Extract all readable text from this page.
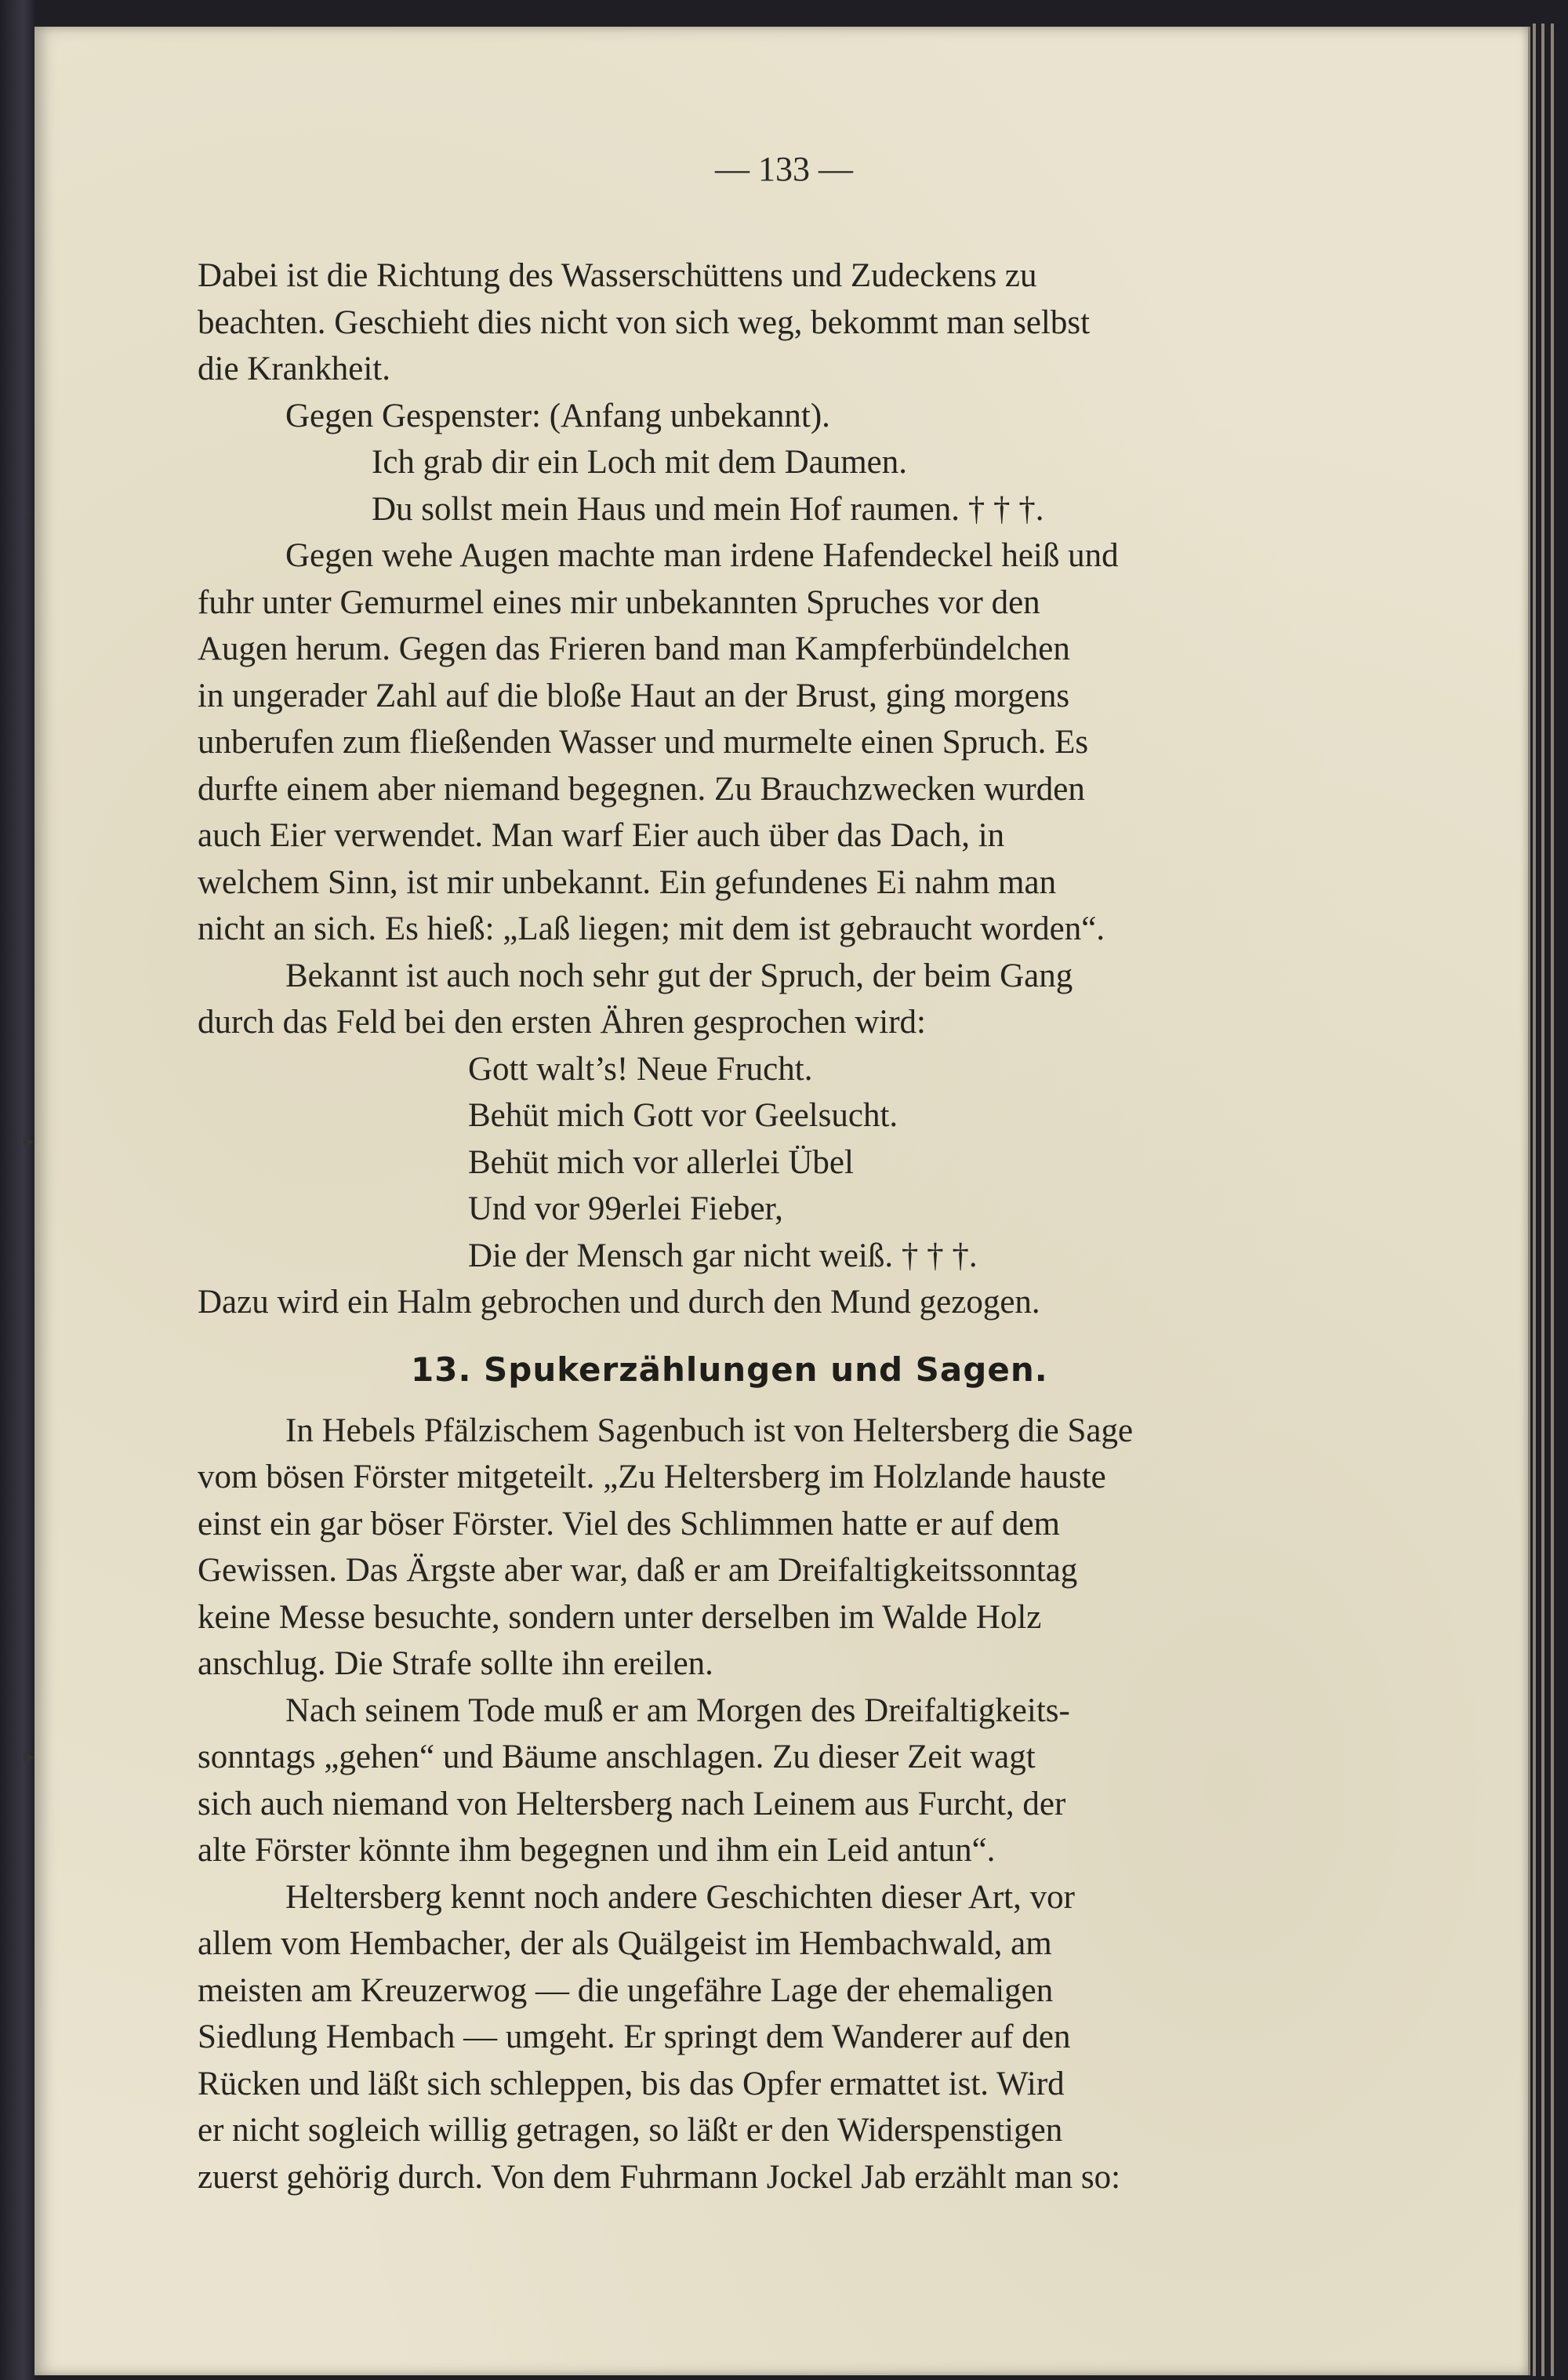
›
▸
▸
— 133 —
Dabei ist die Richtung des Wasserschüttens und Zudeckens zu
beachten. Geschieht dies nicht von sich weg, bekommt man selbst
die Krankheit.
Gegen Gespenster: (Anfang unbekannt).
Ich grab dir ein Loch mit dem Daumen.
Du sollst mein Haus und mein Hof raumen. † † †.
Gegen wehe Augen machte man irdene Hafendeckel heiß und
fuhr unter Gemurmel eines mir unbekannten Spruches vor den
Augen herum. Gegen das Frieren band man Kampferbündelchen
in ungerader Zahl auf die bloße Haut an der Brust, ging morgens
unberufen zum fließenden Wasser und murmelte einen Spruch. Es
durfte einem aber niemand begegnen. Zu Brauchzwecken wurden
auch Eier verwendet. Man warf Eier auch über das Dach, in
welchem Sinn, ist mir unbekannt. Ein gefundenes Ei nahm man
nicht an sich. Es hieß: „Laß liegen; mit dem ist gebraucht worden“.
Bekannt ist auch noch sehr gut der Spruch, der beim Gang
durch das Feld bei den ersten Ähren gesprochen wird:
Gott walt’s! Neue Frucht.
Behüt mich Gott vor Geelsucht.
Behüt mich vor allerlei Übel
Und vor 99erlei Fieber,
Die der Mensch gar nicht weiß. † † †.
Dazu wird ein Halm gebrochen und durch den Mund gezogen.
13. Spukerzählungen und Sagen.
In Hebels Pfälzischem Sagenbuch ist von Heltersberg die Sage
vom bösen Förster mitgeteilt. „Zu Heltersberg im Holzlande hauste
einst ein gar böser Förster. Viel des Schlimmen hatte er auf dem
Gewissen. Das Ärgste aber war, daß er am Dreifaltigkeitssonntag
keine Messe besuchte, sondern unter derselben im Walde Holz
anschlug. Die Strafe sollte ihn ereilen.
Nach seinem Tode muß er am Morgen des Dreifaltigkeits-
sonntags „gehen“ und Bäume anschlagen. Zu dieser Zeit wagt
sich auch niemand von Heltersberg nach Leinem aus Furcht, der
alte Förster könnte ihm begegnen und ihm ein Leid antun“.
Heltersberg kennt noch andere Geschichten dieser Art, vor
allem vom Hembacher, der als Quälgeist im Hembachwald, am
meisten am Kreuzerwog — die ungefähre Lage der ehemaligen
Siedlung Hembach — umgeht. Er springt dem Wanderer auf den
Rücken und läßt sich schleppen, bis das Opfer ermattet ist. Wird
er nicht sogleich willig getragen, so läßt er den Widerspenstigen
zuerst gehörig durch. Von dem Fuhrmann Jockel Jab erzählt man so:
